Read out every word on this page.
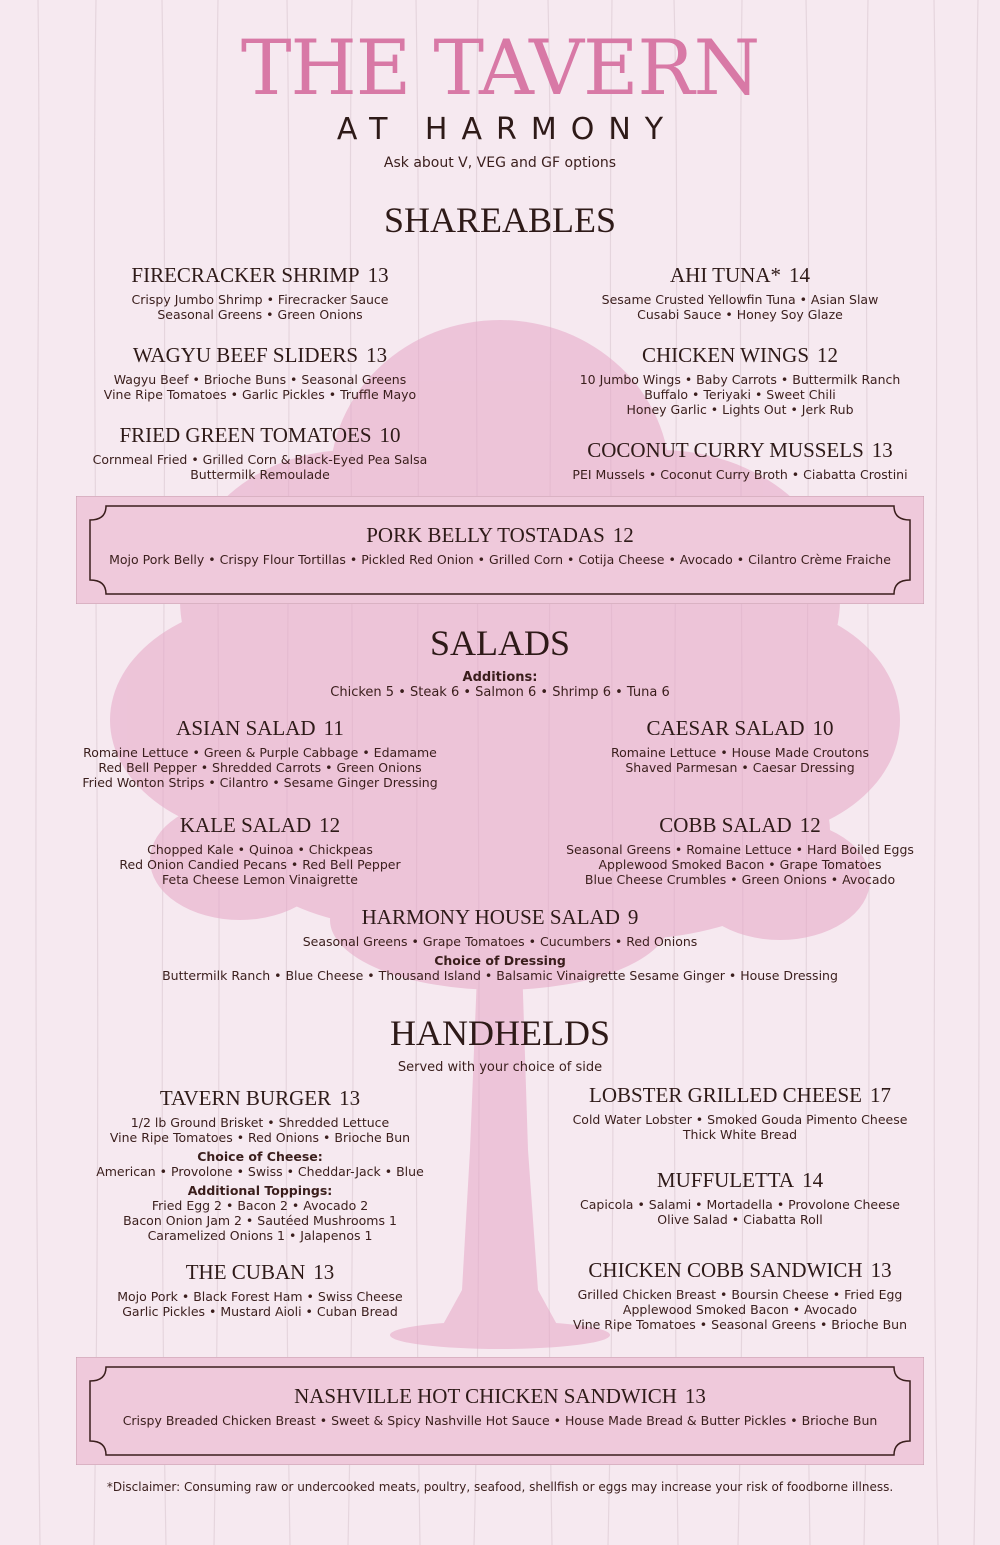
THE TAVERN
AT HARMONY
Ask about V, VEG and GF options
SHAREABLES
FIRECRACKER SHRIMP 13
Crispy Jumbo Shrimp • Firecracker Sauce
Seasonal Greens • Green Onions
AHI TUNA* 14
Sesame Crusted Yellowfin Tuna • Asian Slaw
Cusabi Sauce • Honey Soy Glaze
WAGYU BEEF SLIDERS 13
Wagyu Beef • Brioche Buns • Seasonal Greens
Vine Ripe Tomatoes • Garlic Pickles • Truffle Mayo
CHICKEN WINGS 12
10 Jumbo Wings • Baby Carrots • Buttermilk Ranch
Buffalo • Teriyaki • Sweet Chili
Honey Garlic • Lights Out • Jerk Rub
FRIED GREEN TOMATOES 10
Cornmeal Fried • Grilled Corn & Black-Eyed Pea Salsa
Buttermilk Remoulade
COCONUT CURRY MUSSELS 13
PEI Mussels • Coconut Curry Broth • Ciabatta Crostini
PORK BELLY TOSTADAS 12
Mojo Pork Belly • Crispy Flour Tortillas • Pickled Red Onion • Grilled Corn • Cotija Cheese • Avocado • Cilantro Crème Fraiche
SALADS
Additions:
Chicken 5 • Steak 6 • Salmon 6 • Shrimp 6 • Tuna 6
ASIAN SALAD 11
Romaine Lettuce • Green & Purple Cabbage • Edamame
Red Bell Pepper • Shredded Carrots • Green Onions
Fried Wonton Strips • Cilantro • Sesame Ginger Dressing
CAESAR SALAD 10
Romaine Lettuce • House Made Croutons
Shaved Parmesan • Caesar Dressing
KALE SALAD 12
Chopped Kale • Quinoa • Chickpeas
Red Onion Candied Pecans • Red Bell Pepper
Feta Cheese Lemon Vinaigrette
COBB SALAD 12
Seasonal Greens • Romaine Lettuce • Hard Boiled Eggs
Applewood Smoked Bacon • Grape Tomatoes
Blue Cheese Crumbles • Green Onions • Avocado
HARMONY HOUSE SALAD 9
Seasonal Greens • Grape Tomatoes • Cucumbers • Red Onions
Choice of Dressing
Buttermilk Ranch • Blue Cheese • Thousand Island • Balsamic Vinaigrette Sesame Ginger • House Dressing
HANDHELDS
Served with your choice of side
TAVERN BURGER 13
1/2 lb Ground Brisket • Shredded Lettuce
Vine Ripe Tomatoes • Red Onions • Brioche Bun
Choice of Cheese:
American • Provolone • Swiss • Cheddar-Jack • Blue
Additional Toppings:
Fried Egg 2 • Bacon 2 • Avocado 2
Bacon Onion Jam 2 • Sautéed Mushrooms 1
Caramelized Onions 1 • Jalapenos 1
THE CUBAN 13
Mojo Pork • Black Forest Ham • Swiss Cheese
Garlic Pickles • Mustard Aioli • Cuban Bread
LOBSTER GRILLED CHEESE 17
Cold Water Lobster • Smoked Gouda Pimento Cheese
Thick White Bread
MUFFULETTA 14
Capicola • Salami • Mortadella • Provolone Cheese
Olive Salad • Ciabatta Roll
CHICKEN COBB SANDWICH 13
Grilled Chicken Breast • Boursin Cheese • Fried Egg
Applewood Smoked Bacon • Avocado
Vine Ripe Tomatoes • Seasonal Greens • Brioche Bun
NASHVILLE HOT CHICKEN SANDWICH 13
Crispy Breaded Chicken Breast • Sweet & Spicy Nashville Hot Sauce • House Made Bread & Butter Pickles • Brioche Bun
*Disclaimer: Consuming raw or undercooked meats, poultry, seafood, shellfish or eggs may increase your risk of foodborne illness.
